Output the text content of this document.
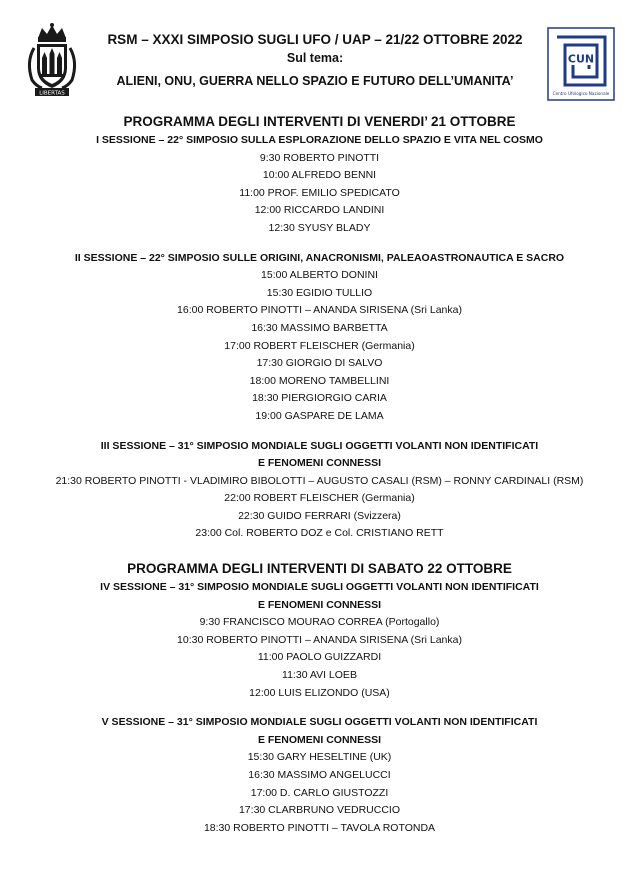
LIBERTAS

RSM – XXXI SIMPOSIO SUGLI UFO / UAP – 21/22 OTTOBRE 2022

Sul tema:

ALIENI, ONU, GUERRA NELLO SPAZIO E FUTURO DELL’UMANITA’

CUN
Centro Ufologico Nazionale

PROGRAMMA DEGLI INTERVENTI DI VENERDI’ 21 OTTOBRE

I SESSIONE – 22° SIMPOSIO SULLA ESPLORAZIONE DELLO SPAZIO E VITA NEL COSMO

9:30 ROBERTO PINOTTI

10:00 ALFREDO BENNI

11:00 PROF. EMILIO SPEDICATO

12:00 RICCARDO LANDINI

12:30 SYUSY BLADY

II SESSIONE – 22° SIMPOSIO SULLE ORIGINI, ANACRONISMI, PALEAOASTRONAUTICA E SACRO

15:00 ALBERTO DONINI

15:30 EGIDIO TULLIO

16:00 ROBERTO PINOTTI – ANANDA SIRISENA (Sri Lanka)

16:30 MASSIMO BARBETTA

17:00 ROBERT FLEISCHER (Germania)

17:30 GIORGIO DI SALVO

18:00 MORENO TAMBELLINI

18:30 PIERGIORGIO CARIA

19:00 GASPARE DE LAMA

III SESSIONE – 31° SIMPOSIO MONDIALE SUGLI OGGETTI VOLANTI NON IDENTIFICATI

E FENOMENI CONNESSI

21:30 ROBERTO PINOTTI - VLADIMIRO BIBOLOTTI – AUGUSTO CASALI (RSM) – RONNY CARDINALI (RSM)

22:00 ROBERT FLEISCHER (Germania)

22:30 GUIDO FERRARI (Svizzera)

23:00 Col. ROBERTO DOZ e Col. CRISTIANO RETT

PROGRAMMA DEGLI INTERVENTI DI SABATO 22 OTTOBRE

IV SESSIONE – 31° SIMPOSIO MONDIALE SUGLI OGGETTI VOLANTI NON IDENTIFICATI

E FENOMENI CONNESSI

9:30 FRANCISCO MOURAO CORREA (Portogallo)

10:30 ROBERTO PINOTTI – ANANDA SIRISENA (Sri Lanka)

11:00 PAOLO GUIZZARDI

11:30 AVI LOEB

12:00 LUIS ELIZONDO (USA)

V SESSIONE – 31° SIMPOSIO MONDIALE SUGLI OGGETTI VOLANTI NON IDENTIFICATI

E FENOMENI CONNESSI

15:30 GARY HESELTINE (UK)

16:30 MASSIMO ANGELUCCI

17:00 D. CARLO GIUSTOZZI

17:30 CLARBRUNO VEDRUCCIO

18:30 ROBERTO PINOTTI – TAVOLA ROTONDA
